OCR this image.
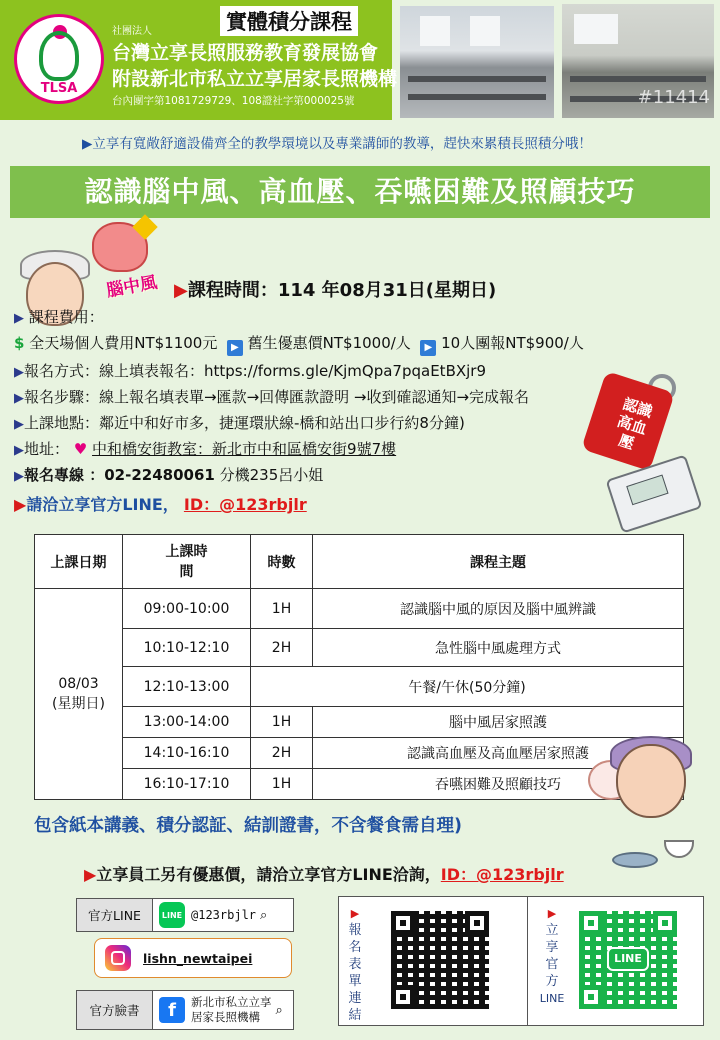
TLSA
社團法人
台灣立享長照服務教育發展協會
附設新北市私立立享居家長照機構
台內團字第1081729729、108證社字第000025號
實體積分課程
#11414
▶立享有寬敞舒適設備齊全的教學環境以及專業講師的教導，趕快來累積長照積分哦！
認識腦中風、高血壓、吞嚥困難及照顧技巧
腦中風 ▶課程時間：114 年08月31日(星期日)
▶ 課程費用：
$ 全天場個人費用NT$1100元 ▶ 舊生優惠價NT$1000/人 ▶ 10人團報NT$900/人
▶報名方式：線上填表報名：https://forms.gle/KjmQpa7pqaEtBXjr9
▶報名步驟：線上報名填表單→匯款→回傳匯款證明 →收到確認通知→完成報名
▶上課地點：鄰近中和好市多，捷運環狀線-橋和站出口步行約8分鐘)
▶地址： ♥ 中和橋安街教室：新北市中和區橋安街9號7樓
▶報名專線 ：02-22480061 分機235呂小姐
▶請洽立享官方LINE， ID：@123rbjlr
認識高血壓
上課日期	上課時間	時數	課程主題

08/03
(星期日)	09:00-10:00	1H	認識腦中風的原因及腦中風辨識
	10:10-12:10	2H	急性腦中風處理方式
	12:10-13:00	午餐/午休(50分鐘)	
	13:00-14:00	1H	腦中風居家照護
	14:10-16:10	2H	認識高血壓及高血壓居家照護
	16:10-17:10	1H	吞嚥困難及照顧技巧
包含紙本講義、積分認証、結訓證書，不含餐食需自理)
▶立享員工另有優惠價，請洽立享官方LINE洽詢，ID：@123rbjlr
官方LINE	LINE @123rbjlr ⌕
lishn_newtaipei
官方臉書	f	新北市私立立享
居家長照機構	⌕
▶
報
名
表
單
連
結
▶
立
享
官
方
LINE
LINE
